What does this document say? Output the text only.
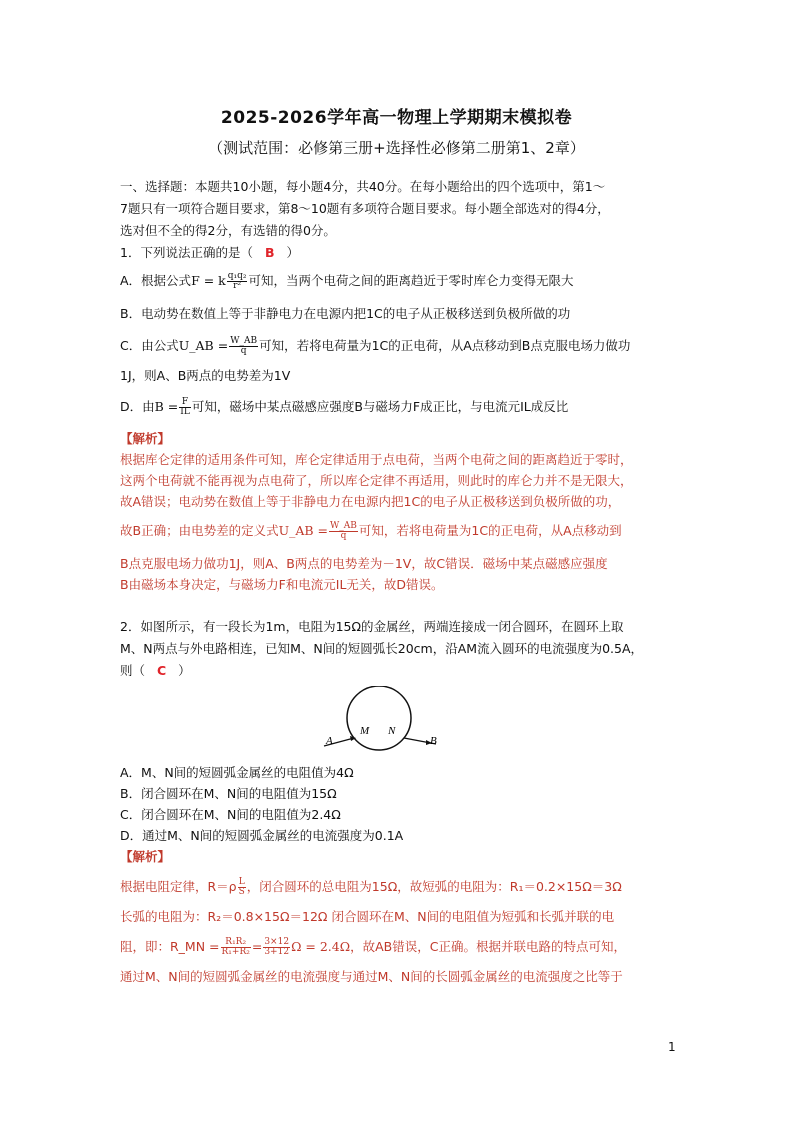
2025-2026学年高一物理上学期期末模拟卷
（测试范围：必修第三册+选择性必修第二册第1、2章）
一、选择题：本题共10小题，每小题4分，共40分。在每小题给出的四个选项中，第1～
7题只有一项符合题目要求，第8～10题有多项符合题目要求。每小题全部选对的得4分，
选对但不全的得2分，有选错的得0分。
1．下列说法正确的是（ B ）
A．根据公式F = k $\frac{\text{q₁q₂}}{\text{r²}}$ 可知，当两个电荷之间的距离趋近于零时库仑力变得无限大
B．电动势在数值上等于非静电力在电源内把1C的电子从正极移送到负极所做的功
C．由公式U_AB = $\frac{W\_AB}{q}$ 可知，若将电荷量为1C的正电荷，从A点移动到B点克服电场力做功
1J，则A、B两点的电势差为1V
D．由$B = \frac{F}{IL}$ 可知，磁场中某点磁感应强度B与磁场力F成正比，与电流元IL成反比
【解析】
根据库仑定律的适用条件可知，库仑定律适用于点电荷，当两个电荷之间的距离趋近于零时，
这两个电荷就不能再视为点电荷了，所以库仑定律不再适用，则此时的库仑力并不是无限大，
故A错误；电动势在数值上等于非静电力在电源内把1C的电子从正极移送到负极所做的功，
故B正确；由电势差的定义式U_AB = $\frac{W\_AB}{q}$ 可知，若将电荷量为1C的正电荷，从A点移动到
B点克服电场力做功1J，则A、B两点的电势差为－1V，故C错误．磁场中某点磁感应强度
B由磁场本身决定，与磁场力F和电流元IL无关，故D错误。
2．如图所示，有一段长为1m，电阻为15Ω的金属丝，两端连接成一闭合圆环，在圆环上取
M、N两点与外电路相连，已知M、N间的短圆弧长20cm，沿AM流入圆环的电流强度为0.5A，
则（ C ）
A
M N
B
A．M、N间的短圆弧金属丝的电阻值为4Ω
B．闭合圆环在M、N间的电阻值为15Ω
C．闭合圆环在M、N间的电阻值为2.4Ω
D．通过M、N间的短圆弧金属丝的电流强度为0.1A
【解析】
根据电阻定律，$R=\rho \frac{L}{S}$ ，闭合圆环的总电阻为15Ω，故短弧的电阻为：R₁＝0.2×15Ω＝3Ω
长弧的电阻为：R₂＝0.8×15Ω＝12Ω 闭合圆环在M、N间的电阻值为短弧和长弧并联的电
阻，即：R_MN = $\frac{\text{R₁R₂}}{\text{R₁+R₂}} = \frac{3\times 12}{3+12}$ Ω = 2.4Ω，故AB错误，C正确。根据并联电路的特点可知，
通过M、N间的短圆弧金属丝的电流强度与通过M、N间的长圆弧金属丝的电流强度之比等于
1
